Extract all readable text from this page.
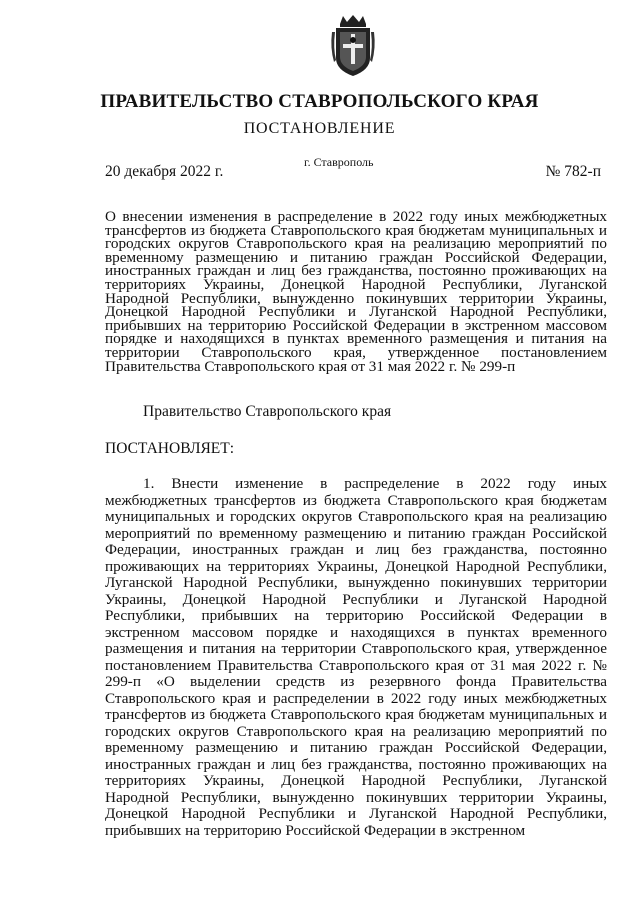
ПРАВИТЕЛЬСТВО СТАВРОПОЛЬСКОГО КРАЯ
ПОСТАНОВЛЕНИЕ
20 декабря 2022 г.
г. Ставрополь
№ 782-п
О внесении изменения в распределение в 2022 году иных межбюджетных трансфертов из бюджета Ставропольского края бюджетам муниципальных и городских округов Ставропольского края на реализацию мероприятий по временному размещению и питанию граждан Российской Федерации, иностранных граждан и лиц без гражданства, постоянно проживающих на территориях Украины, Донецкой Народной Республики, Луганской Народной Республики, вынужденно покинувших территории Украины, Донецкой Народной Республики и Луганской Народной Республики, прибывших на территорию Российской Федерации в экстренном массовом порядке и находящихся в пунктах временного размещения и питания на территории Ставропольского края, утвержденное постановлением Правительства Ставропольского края от 31 мая 2022 г. № 299-п
Правительство Ставропольского края
ПОСТАНОВЛЯЕТ:
1. Внести изменение в распределение в 2022 году иных межбюджетных трансфертов из бюджета Ставропольского края бюджетам муниципальных и городских округов Ставропольского края на реализацию мероприятий по временному размещению и питанию граждан Российской Федерации, иностранных граждан и лиц без гражданства, постоянно проживающих на территориях Украины, Донецкой Народной Республики, Луганской Народной Республики, вынужденно покинувших территории Украины, Донецкой Народной Республики и Луганской Народной Республики, прибывших на территорию Российской Федерации в экстренном массовом порядке и находящихся в пунктах временного размещения и питания на территории Ставропольского края, утвержденное постановлением Правительства Ставропольского края от 31 мая 2022 г. № 299-п «О выделении средств из резервного фонда Правительства Ставропольского края и распределении в 2022 году иных межбюджетных трансфертов из бюджета Ставропольского края бюджетам муниципальных и городских округов Ставропольского края на реализацию мероприятий по временному размещению и питанию граждан Российской Федерации, иностранных граждан и лиц без гражданства, постоянно проживающих на территориях Украины, Донецкой Народной Республики, Луганской Народной Республики, вынужденно покинувших территории Украины, Донецкой Народной Республики и Луганской Народной Республики, прибывших на территорию Российской Федерации в экстренном
